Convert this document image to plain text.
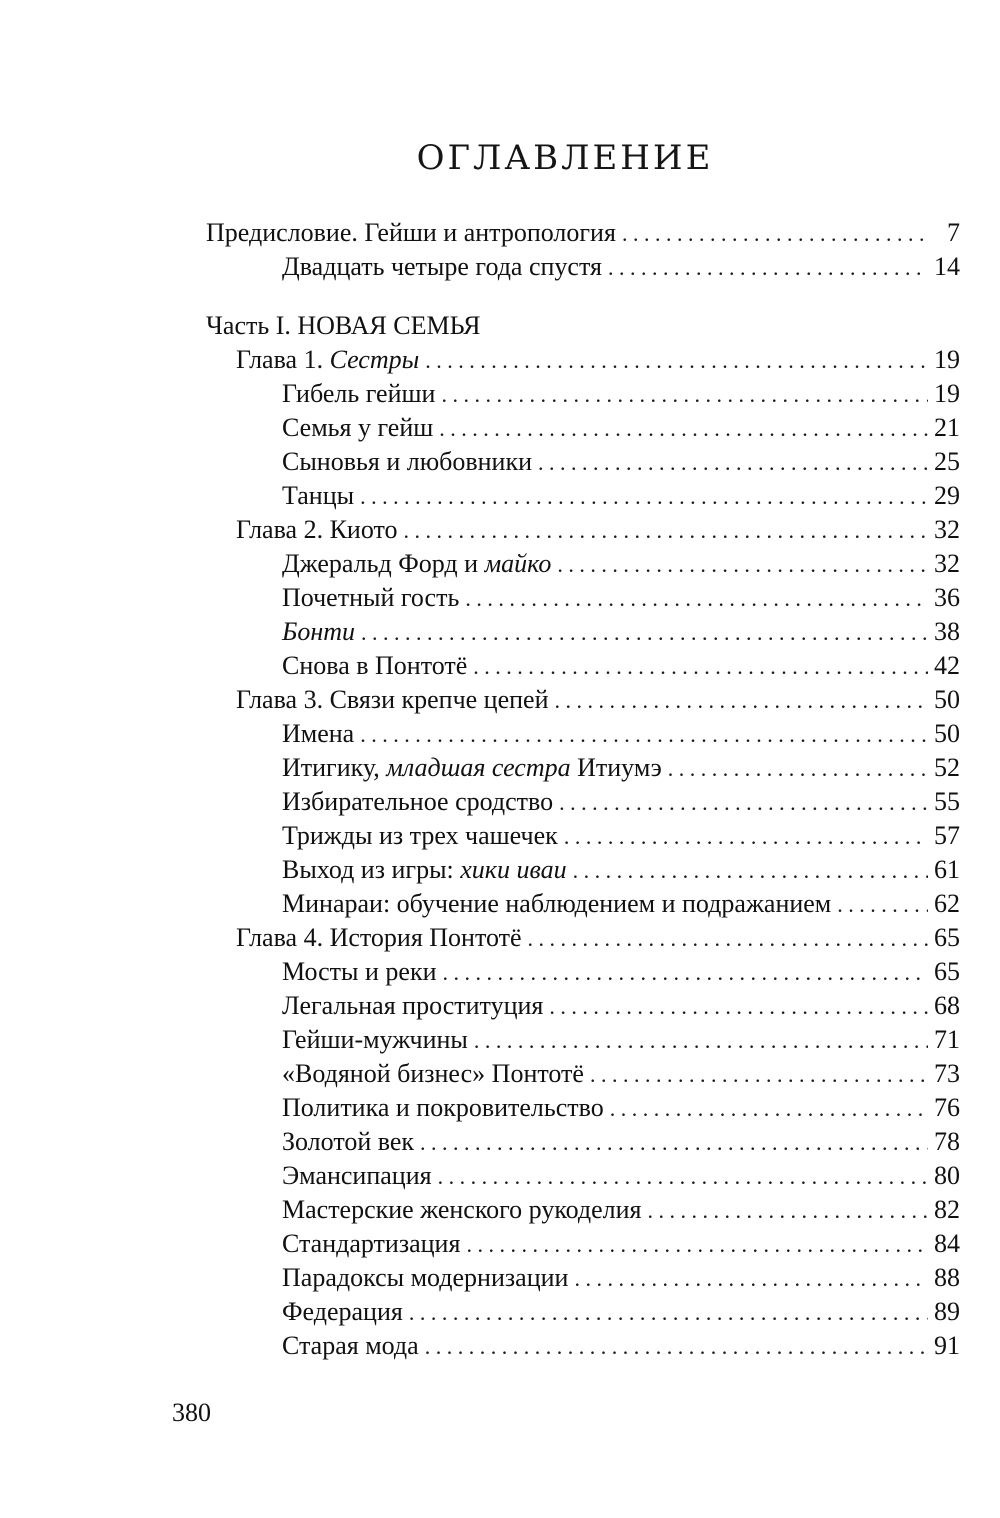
ОГЛАВЛЕНИЕ
Предисловие. Гейши и антропология . . .	7
Двадцать четыре года спустя . . .	14
Часть I. НОВАЯ СЕМЬЯ
Глава 1. Сестры . . .	19
Гибель гейши . . .	19
Семья у гейш . . .	21
Сыновья и любовники . . .	25
Танцы . . .	29
Глава 2. Киото . . .	32
Джеральд Форд и майко . . .	32
Почетный гость . . .	36
Бонти . . .	38
Снова в Понтотё . . .	42
Глава 3. Связи крепче цепей . . .	50
Имена . . .	50
Итигику, младшая сестра Итиумэ . . .	52
Избирательное сродство . . .	55
Трижды из трех чашечек . . .	57
Выход из игры: хики иваи . . .	61
Минараи: обучение наблюдением и подражанием . . .	62
Глава 4. История Понтотё . . .	65
Мосты и реки . . .	65
Легальная проституция . . .	68
Гейши-мужчины . . .	71
«Водяной бизнес» Понтотё . . .	73
Политика и покровительство . . .	76
Золотой век . . .	78
Эмансипация . . .	80
Мастерские женского рукоделия . . .	82
Стандартизация . . .	84
Парадоксы модернизации . . .	88
Федерация . . .	89
Старая мода . . .	91
380
